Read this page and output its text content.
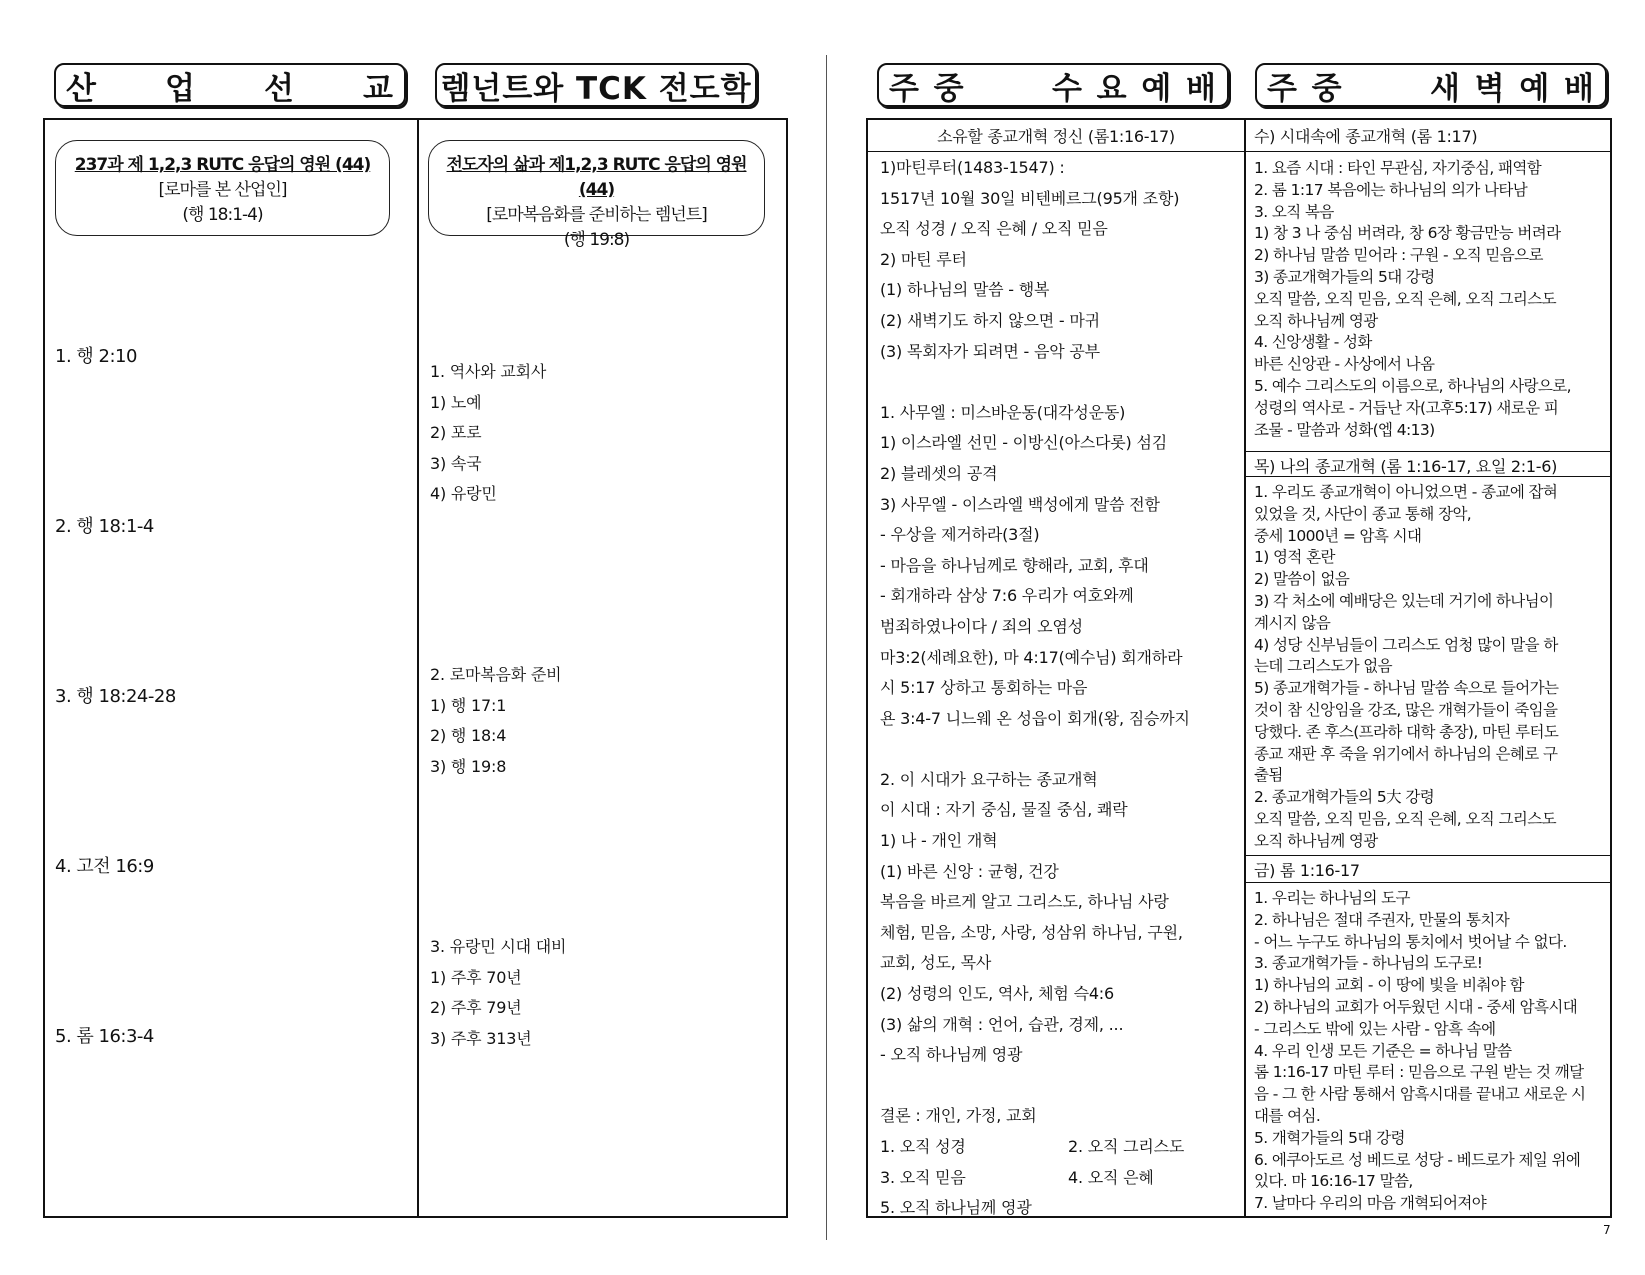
산 업 선 교 렘넌트와 TCK 전도학	주 중	수 요 예 배 주 중	새 벽 예 배
237과 제 1,2,3 RUTC 응답의 영원 (44)
[로마를 본 산업인]
(행 18:1-4)
1. 행 2:10
2. 행 18:1-4
3. 행 18:24-28
4. 고전 16:9
5. 롬 16:3-4
전도자의 삶과 제1,2,3 RUTC 응답의 영원 (44)
[로마복음화를 준비하는 렘넌트]
(행 19:8)
1. 역사와 교회사
1) 노예
2) 포로
3) 속국
4) 유랑민
2. 로마복음화 준비
1) 행 17:1
2) 행 18:4
3) 행 19:8
3. 유랑민 시대 대비
1) 주후 70년
2) 주후 79년
3) 주후 313년
소유할 종교개혁 정신 (롬1:16-17)
1)마틴루터(1483-1547) :
1517년 10월 30일 비텐베르그(95개 조항)
오직 성경 / 오직 은혜 / 오직 믿음
2) 마틴 루터
(1) 하나님의 말씀 - 행복
(2) 새벽기도 하지 않으면 - 마귀
(3) 목회자가 되려면 - 음악 공부
1. 사무엘 : 미스바운동(대각성운동)
1) 이스라엘 선민 - 이방신(아스다롯) 섬김
2) 블레셋의 공격
3) 사무엘 - 이스라엘 백성에게 말씀 전함
- 우상을 제거하라(3절)
- 마음을 하나님께로 향해라, 교회, 후대
- 회개하라 삼상 7:6 우리가 여호와께
범죄하였나이다 / 죄의 오염성
마3:2(세례요한), 마 4:17(예수님) 회개하라
시 5:17 상하고 통회하는 마음
욘 3:4-7 니느웨 온 성읍이 회개(왕, 짐승까지
2. 이 시대가 요구하는 종교개혁
이 시대 : 자기 중심, 물질 중심, 쾌락
1) 나 - 개인 개혁
(1) 바른 신앙 : 균형, 건강
복음을 바르게 알고 그리스도, 하나님 사랑
체험, 믿음, 소망, 사랑, 성삼위 하나님, 구원,
교회, 성도, 목사
(2) 성령의 인도, 역사, 체험 슥4:6
(3) 삶의 개혁 : 언어, 습관, 경제, ...
- 오직 하나님께 영광
결론 : 개인, 가정, 교회
1. 오직 성경	2. 오직 그리스도
3. 오직 믿음	4. 오직 은혜
5. 오직 하나님께 영광
수) 시대속에 종교개혁 (롬 1:17)
1. 요즘 시대 : 타인 무관심, 자기중심, 패역함
2. 롬 1:17 복음에는 하나님의 의가 나타남
3. 오직 복음
1) 창 3 나 중심 버려라, 창 6장 황금만능 버려라
2) 하나님 말씀 믿어라 : 구원 - 오직 믿음으로
3) 종교개혁가들의 5대 강령
오직 말씀, 오직 믿음, 오직 은혜, 오직 그리스도
오직 하나님께 영광
4. 신앙생활 - 성화
바른 신앙관 - 사상에서 나옴
5. 예수 그리스도의 이름으로, 하나님의 사랑으로,
성령의 역사로 - 거듭난 자(고후5:17) 새로운 피
조물 - 말씀과 성화(엡 4:13)
목) 나의 종교개혁 (롬 1:16-17, 요일 2:1-6)
1. 우리도 종교개혁이 아니었으면 - 종교에 잡혀
있었을 것, 사단이 종교 통해 장악,
중세 1000년 = 암흑 시대
1) 영적 혼란
2) 말씀이 없음
3) 각 처소에 예배당은 있는데 거기에 하나님이
계시지 않음
4) 성당 신부님들이 그리스도 엄청 많이 말을 하
는데 그리스도가 없음
5) 종교개혁가들 - 하나님 말씀 속으로 들어가는
것이 참 신앙임을 강조, 많은 개혁가들이 죽임을
당했다. 존 후스(프라하 대학 총장), 마틴 루터도
종교 재판 후 죽을 위기에서 하나님의 은혜로 구
출됨
2. 종교개혁가들의 5大 강령
오직 말씀, 오직 믿음, 오직 은혜, 오직 그리스도
오직 하나님께 영광
금) 롬 1:16-17
1. 우리는 하나님의 도구
2. 하나님은 절대 주권자, 만물의 통치자
- 어느 누구도 하나님의 통치에서 벗어날 수 없다.
3. 종교개혁가들 - 하나님의 도구로!
1) 하나님의 교회 - 이 땅에 빛을 비춰야 함
2) 하나님의 교회가 어두웠던 시대 - 중세 암흑시대
- 그리스도 밖에 있는 사람 - 암흑 속에
4. 우리 인생 모든 기준은 = 하나님 말씀
롬 1:16-17 마틴 루터 : 믿음으로 구원 받는 것 깨달
음 - 그 한 사람 통해서 암흑시대를 끝내고 새로운 시
대를 여심.
5. 개혁가들의 5대 강령
6. 에쿠아도르 성 베드로 성당 - 베드로가 제일 위에
있다. 마 16:16-17 말씀,
7. 날마다 우리의 마음 개혁되어져야
7
